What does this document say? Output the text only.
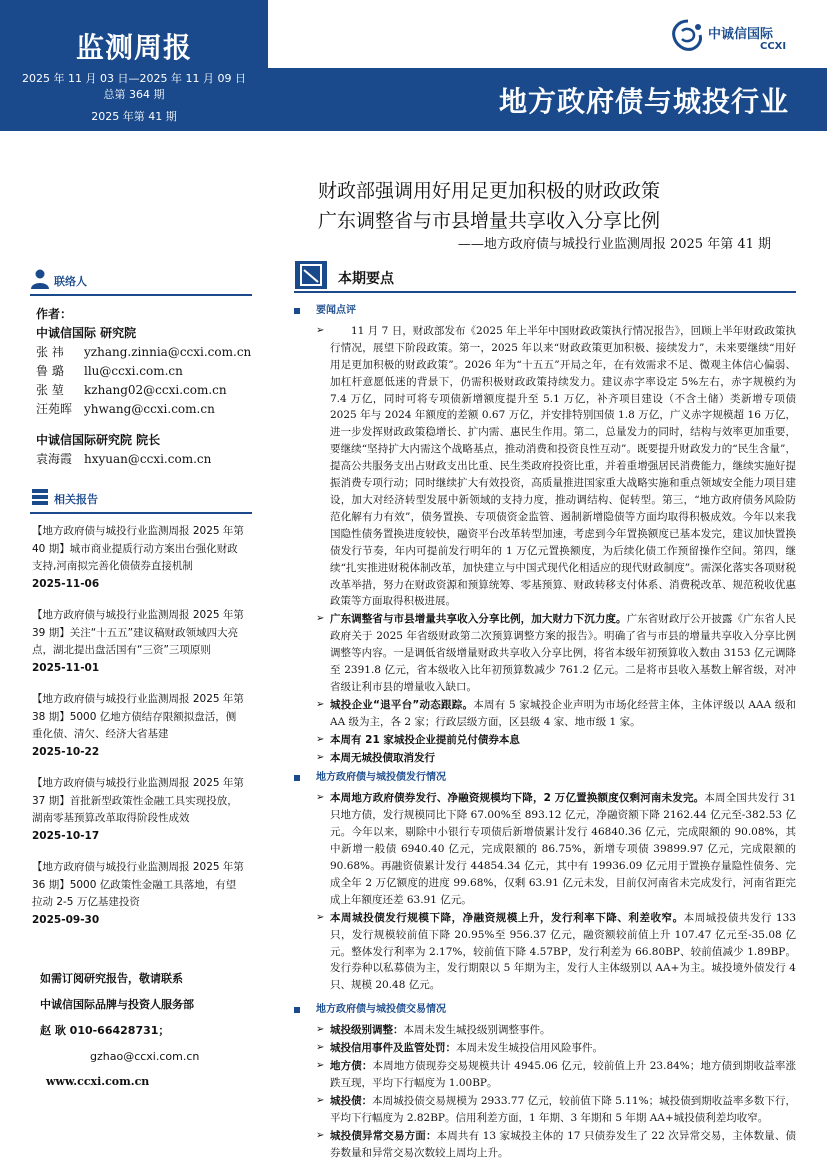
监测周报
2025 年 11 月 03 日—2025 年 11 月 09 日
总第 364 期
2025 年第 41 期	地方政府债与城投行业
中诚信国际
CCXI
财政部强调用好用足更加积极的财政政策
广东调整省与市县增量共享收入分享比例
——地方政府债与城投行业监测周报 2025 年第 41 期
联络人
作者：
中诚信国际 研究院
张 祎 yzhang.zinnia@ccxi.com.cn
鲁 璐 llu@ccxi.com.cn
张 堃 kzhang02@ccxi.com.cn
汪苑晖 yhwang@ccxi.com.cn
中诚信国际研究院 院长
袁海霞 hxyuan@ccxi.com.cn
相关报告
【地方政府债与城投行业监测周报 2025 年第 40 期】城市商业提质行动方案出台强化财政支持,河南拟完善化债债券直接机制
2025-11-06
【地方政府债与城投行业监测周报 2025 年第 39 期】关注“十五五”建议稿财政领域四大亮点，湖北提出盘活国有“三资”三项原则
2025-11-01
【地方政府债与城投行业监测周报 2025 年第 38 期】5000 亿地方债结存限额拟盘活，侧重化债、清欠、经济大省基建
2025-10-22
【地方政府债与城投行业监测周报 2025 年第 37 期】首批新型政策性金融工具实现投放，湖南零基预算改革取得阶段性成效
2025-10-17
【地方政府债与城投行业监测周报 2025 年第 36 期】5000 亿政策性金融工具落地，有望拉动 2-5 万亿基建投资
2025-09-30
如需订阅研究报告，敬请联系
中诚信国际品牌与投资人服务部
赵 耿 010-66428731；
gzhao@ccxi.com.cn
www.ccxi.com.cn
本期要点
要闻点评
➢	11 月 7 日，财政部发布《2025 年上半年中国财政政策执行情况报告》，回顾上半年财政政策执行情况，展望下阶段政策。第一，2025 年以来“财政政策更加积极、接续发力”，未来要继续“用好用足更加积极的财政政策”。2026 年为“十五五”开局之年，在有效需求不足、微观主体信心偏弱、加杠杆意愿低迷的背景下，仍需积极财政政策持续发力。建议赤字率设定 5%左右，赤字规模约为 7.4 万亿，同时可将专项债新增额度提升至 5.1 万亿，补齐项目建设（不含土储）类新增专项债 2025 年与 2024 年额度的差额 0.67 万亿，并安排特别国债 1.8 万亿，广义赤字规模超 16 万亿，进一步发挥财政政策稳增长、扩内需、惠民生作用。第二，总量发力的同时，结构与效率更加重要，要继续“坚持扩大内需这个战略基点，推动消费和投资良性互动”。既要提升财政发力的“民生含量”，提高公共服务支出占财政支出比重、民生类政府投资比重，并着重增强居民消费能力，继续实施好提振消费专项行动；同时继续扩大有效投资，高质量推进国家重大战略实施和重点领域安全能力项目建设，加大对经济转型发展中新领域的支持力度，推动调结构、促转型。第三，“地方政府债务风险防范化解有力有效”，债务置换、专项债资金监管、遏制新增隐债等方面均取得积极成效。今年以来我国隐性债务置换进度较快，融资平台改革转型加速，考虑到今年置换额度已基本发完，建议加快置换债发行节奏，年内可提前发行明年的 1 万亿元置换额度，为后续化债工作预留操作空间。第四，继续“扎实推进财税体制改革，加快建立与中国式现代化相适应的现代财政制度”。需深化落实各项财税改革举措，努力在财政资源和预算统筹、零基预算、财政转移支付体系、消费税改革、规范税收优惠政策等方面取得积极进展。
➢ 广东调整省与市县增量共享收入分享比例，加大财力下沉力度。广东省财政厅公开披露《广东省人民政府关于 2025 年省级财政第二次预算调整方案的报告》。明确了省与市县的增量共享收入分享比例调整等内容。一是调低省级增量财政共享收入分享比例，将省本级年初预算收入数由 3153 亿元调降至 2391.8 亿元，省本级收入比年初预算数减少 761.2 亿元。二是将市县收入基数上解省级，对冲省级让利市县的增量收入缺口。
➢ 城投企业“退平台”动态跟踪。本周有 5 家城投企业声明为市场化经营主体，主体评级以 AAA 级和 AA 级为主，各 2 家；行政层级方面，区县级 4 家、地市级 1 家。
➢ 本周有 21 家城投企业提前兑付债券本息
➢ 本周无城投债取消发行
地方政府债与城投债发行情况
➢ 本周地方政府债券发行、净融资规模均下降，2 万亿置换额度仅剩河南未发完。本周全国共发行 31 只地方债，发行规模同比下降 67.00%至 893.12 亿元，净融资额下降 2162.44 亿元至-382.53 亿元。今年以来，剔除中小银行专项债后新增债累计发行 46840.36 亿元，完成限额的 90.08%，其中新增一般债 6940.40 亿元，完成限额的 86.75%，新增专项债 39899.97 亿元，完成限额的 90.68%。再融资债累计发行 44854.34 亿元，其中有 19936.09 亿元用于置换存量隐性债务、完成全年 2 万亿额度的进度 99.68%，仅剩 63.91 亿元未发，目前仅河南省未完成发行，河南省距完成上年额度还差 63.91 亿元。
➢ 本周城投债发行规模下降，净融资规模上升，发行利率下降、利差收窄。本周城投债共发行 133 只，发行规模较前值下降 20.95%至 956.37 亿元，融资额较前值上升 107.47 亿元至-35.08 亿元。整体发行利率为 2.17%，较前值下降 4.57BP，发行利差为 66.80BP、较前值减少 1.89BP。发行券种以私募债为主，发行期限以 5 年期为主，发行人主体级别以 AA+为主。城投境外债发行 4 只、规模 20.48 亿元。
地方政府债与城投债交易情况
➢ 城投级别调整：本周未发生城投级别调整事件。
➢ 城投信用事件及监管处罚：本周未发生城投信用风险事件。
➢ 地方债：本周地方债现券交易规模共计 4945.06 亿元，较前值上升 23.84%；地方债到期收益率涨跌互现，平均下行幅度为 1.00BP。
➢ 城投债：本周城投债交易规模为 2933.77 亿元，较前值下降 5.11%；城投债到期收益率多数下行，平均下行幅度为 2.82BP。信用利差方面，1 年期、3 年期和 5 年期 AA+城投债利差均收窄。
➢ 城投债异常交易方面：本周共有 13 家城投主体的 17 只债券发生了 22 次异常交易，主体数量、债券数量和异常交易次数较上周均上升。
